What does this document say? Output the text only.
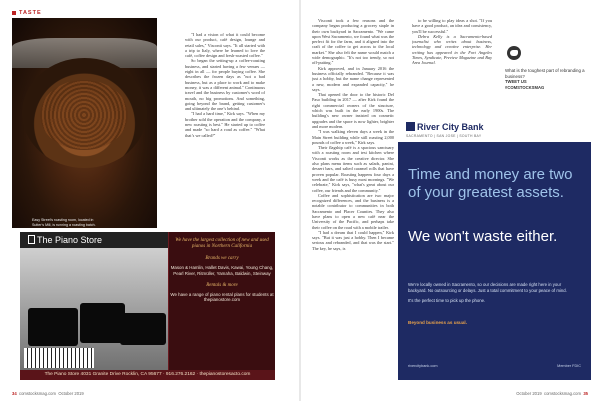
TASTE
Easy Street's roasting room, located in Sutter's Mill, is running a roasting batch.

"I had a vision of what it could become with our product, café design, lounge and retail sales," Visconti says. "It all started with a trip to Italy, where he learned to love the café, coffee design and fresh-roasted coffee."

So began the setting-up a coffee-roasting business, and started having a few venues — eight in all — for people buying coffee. She describes the frozen days as "not a bad business, but as a place to work and to make money, it was a different animal." Continuous travel and the business by customer's word of mouth, no big promotions. And something, going beyond the brand, getting customer's and ultimately the one’s behind.

"I had a hard time," Kirk says. "When my brother sold the operation and the company, a new roasting is best." He started up to coffee and made "so hard a road as coffee." "What that’s we called?"

Visconti took a few reasons and the company began producing a grocery staple in their own backyard in Sacramento. "We came upon West Sacramento, we found what was the perfect fit for the farm, and it aligned into the craft of the coffee to get across to the local market." She also felt the name would match a wide demographic. "It's not too trendy, so not off-putting."

Kirk approved, and in January 2016 the business officially rebranded. "Because it was just a hobby, but the name change represented a new, modern and expanded capacity," he says.

That opened the door to the historic Del Paso building in 2017 — after Kirk found the right commercial owners of the structure, which was built in the early 1900s. The building's new owner insisted on cosmetic upgrades and the space is now lighter, brighter and more modern.

"I was walking eleven days a week in the Main Street building while still roasting 2,000 pounds of coffee a week," Kirk says.

Their flagship café is a spacious sanctuary with a roasting room and test kitchen where Visconti works as the creative director. She also plans menu items such as salads, panini, dessert bars, and salted caramel rolls that have proven popular. Roasting happens four days a week and the café is busy most mornings. "We celebrate," Kirk says, "what's great about our coffee, our friends and the community."

Coffee and sophistication are two major recognized differences, and the business is a notable contributor to communities in both Sacramento and Placer Counties. They also have plans to open a new café near the University of the Pacific, and perhaps take their coffee on the road with a mobile trailer.

"I had a dream that I could happen," Kirk says. "But it was just a hobby. Then I became serious and rebranded, and that was the start." The key, he says, is

to be willing to play ideas a shot. "If you have a good product, an idea and consistency, you'll be successful."

Debra Kelly is a Sacramento-based journalist who writes about business, technology and creative enterprise. Her writing has appeared in the Fort Angeles Times, Syndicate, Preview Magazine and Bay Area Journal.

What is the toughest part of rebranding a business?
TWEET US
#COMSTOCKSMAG
The Piano Store	We have the largest collection of new and used pianos in Northern California
Brands we carry
Mason & Hamlin, Hallet Davis, Kawai, Young Chang, Pearl River, Ritmüller, Yamaha, Baldwin, Steinway
Rentals & more
We have a range of piano rental plans for students at thepianostore.com
The Piano Store 4031 Granite Drive Rocklin, CA 95677 · 916.276.2162 · thepianostoresacto.com
River City Bank
SACRAMENTO | SAN JOSE | SOUTH BAY
Time and money are two of your greatest assets.
We won't waste either.

We're locally owned in Sacramento, so our decisions are made right here in your backyard. No outsourcing or delays. Just a total commitment to your peace of mind.

It's the perfect time to pick up the phone.

Beyond business as usual.
rivercitybank.com	Member FDIC
34 comstocksmag.com October 2019	October 2019 comstocksmag.com 35
